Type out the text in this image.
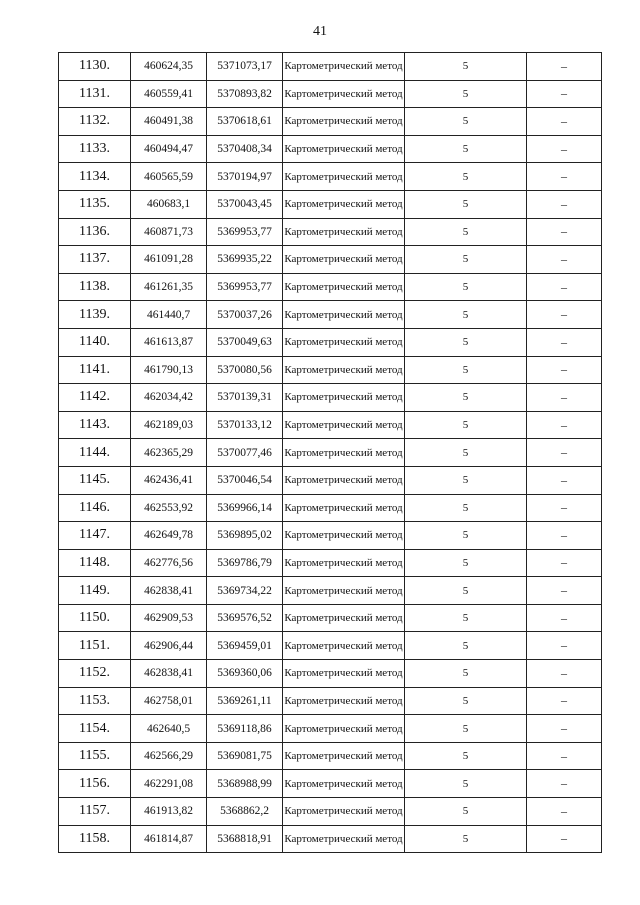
41
1130.	460624,35	5371073,17	Картометрический метод	5	–
1131.	460559,41	5370893,82	Картометрический метод	5	–
1132.	460491,38	5370618,61	Картометрический метод	5	–
1133.	460494,47	5370408,34	Картометрический метод	5	–
1134.	460565,59	5370194,97	Картометрический метод	5	–
1135.	460683,1	5370043,45	Картометрический метод	5	–
1136.	460871,73	5369953,77	Картометрический метод	5	–
1137.	461091,28	5369935,22	Картометрический метод	5	–
1138.	461261,35	5369953,77	Картометрический метод	5	–
1139.	461440,7	5370037,26	Картометрический метод	5	–
1140.	461613,87	5370049,63	Картометрический метод	5	–
1141.	461790,13	5370080,56	Картометрический метод	5	–
1142.	462034,42	5370139,31	Картометрический метод	5	–
1143.	462189,03	5370133,12	Картометрический метод	5	–
1144.	462365,29	5370077,46	Картометрический метод	5	–
1145.	462436,41	5370046,54	Картометрический метод	5	–
1146.	462553,92	5369966,14	Картометрический метод	5	–
1147.	462649,78	5369895,02	Картометрический метод	5	–
1148.	462776,56	5369786,79	Картометрический метод	5	–
1149.	462838,41	5369734,22	Картометрический метод	5	–
1150.	462909,53	5369576,52	Картометрический метод	5	–
1151.	462906,44	5369459,01	Картометрический метод	5	–
1152.	462838,41	5369360,06	Картометрический метод	5	–
1153.	462758,01	5369261,11	Картометрический метод	5	–
1154.	462640,5	5369118,86	Картометрический метод	5	–
1155.	462566,29	5369081,75	Картометрический метод	5	–
1156.	462291,08	5368988,99	Картометрический метод	5	–
1157.	461913,82	5368862,2	Картометрический метод	5	–
1158.	461814,87	5368818,91	Картометрический метод	5	–
